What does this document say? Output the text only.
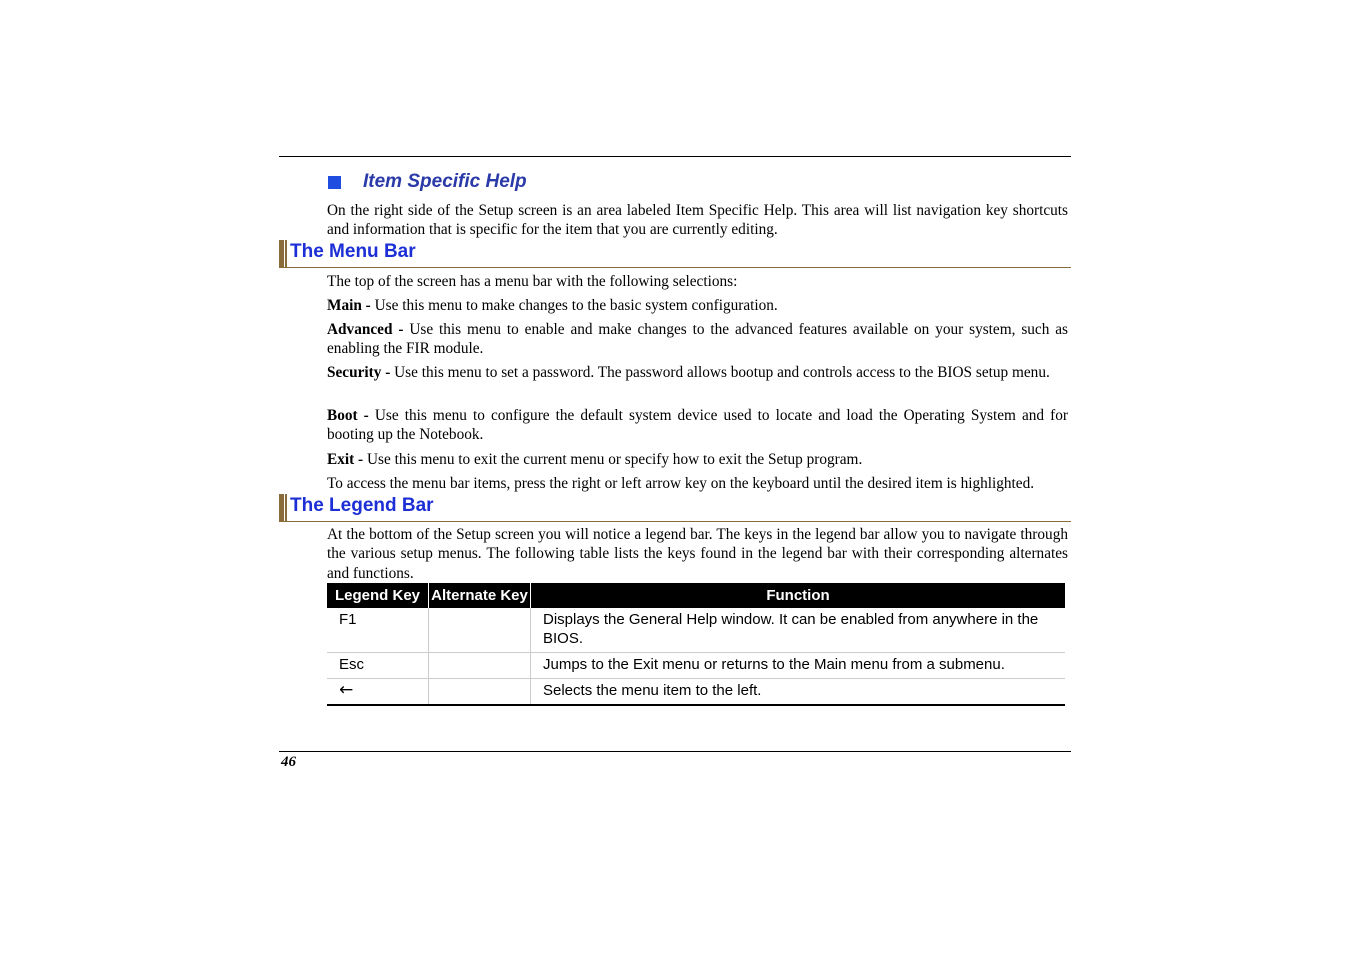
Item Specific Help

On the right side of the Setup screen is an area labeled Item Specific Help. This area will list navigation key shortcuts and information that is specific for the item that you are currently editing.

The Menu Bar

The top of the screen has a menu bar with the following selections:

Main - Use this menu to make changes to the basic system configuration.

Advanced - Use this menu to enable and make changes to the advanced features available on your system, such as enabling the FIR module.

Security - Use this menu to set a password. The password allows bootup and controls access to the BIOS setup menu.

Boot - Use this menu to configure the default system device used to locate and load the Operating System and for booting up the Notebook.

Exit - Use this menu to exit the current menu or specify how to exit the Setup program.

To access the menu bar items, press the right or left arrow key on the keyboard until the desired item is highlighted.

The Legend Bar

At the bottom of the Setup screen you will notice a legend bar. The keys in the legend bar allow you to navigate through the various setup menus. The following table lists the keys found in the legend bar with their corresponding alternates and functions.

Legend Key	Alternate Key	Function
F1		Displays the General Help window. It can be enabled from anywhere in the BIOS.
Esc		Jumps to the Exit menu or returns to the Main menu from a submenu.
←		Selects the menu item to the left.
46
